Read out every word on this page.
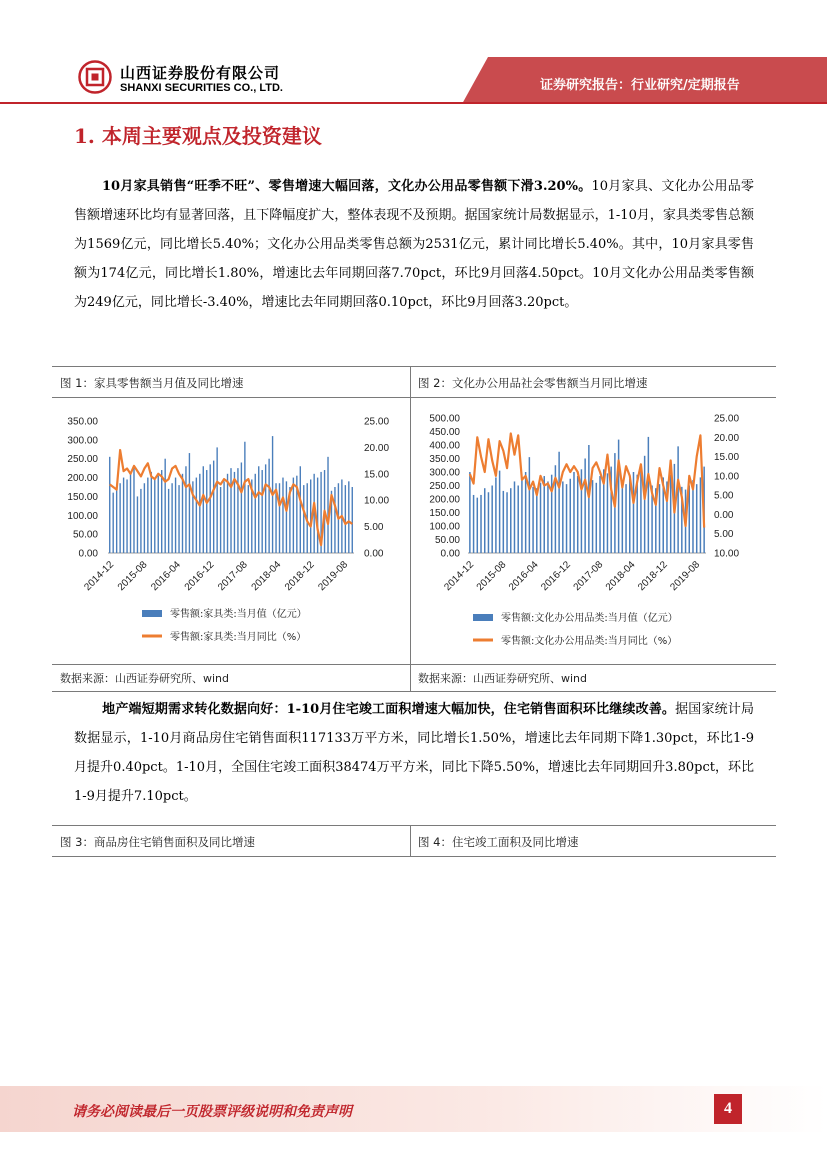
山西证券股份有限公司
SHANXI SECURITIES CO., LTD.	证券研究报告：行业研究/定期报告
1. 本周主要观点及投资建议
10月家具销售“旺季不旺”、零售增速大幅回落，文化办公用品零售额下滑3.20%。10月家具、文化办公用品零售额增速环比均有显著回落，且下降幅度扩大，整体表现不及预期。据国家统计局数据显示，1-10月，家具类零售总额为1569亿元，同比增长5.40%；文化办公用品类零售总额为2531亿元，累计同比增长5.40%。其中，10月家具零售额为174亿元，同比增长1.80%，增速比去年同期回落7.70pct，环比9月回落4.50pct。10月文化办公用品类零售额为249亿元，同比增长-3.40%，增速比去年同期回落0.10pct，环比9月回落3.20pct。
图 1：家具零售额当月值及同比增速	图 2：文化办公用品社会零售额当月同比增速
350.00
300.00
250.00
200.00
150.00
100.00
50.00
0.00
25.00
20.00
15.00
10.00
5.00
0.00
2014-12 2015-08 2016-04 2016-12 2017-08 2018-04 2018-12 2019-08
零售额:家具类:当月值（亿元）
零售额:家具类:当月同比（%）
500.00
450.00
400.00
350.00
300.00
250.00
200.00
150.00
100.00
50.00
0.00
25.00
20.00
15.00
10.00
5.00
0.00
5.00
10.00
2014-12
2015-08
2016-04
2016-12
2017-08
2018-04
2018-12
2019-08
零售额:文化办公用品类:当月值（亿元）
零售额:文化办公用品类:当月同比（%）
数据来源：山西证券研究所、wind	数据来源：山西证券研究所、wind
地产端短期需求转化数据向好：1-10月住宅竣工面积增速大幅加快，住宅销售面积环比继续改善。据国家统计局数据显示，1-10月商品房住宅销售面积117133万平方米，同比增长1.50%，增速比去年同期下降1.30pct，环比1-9月提升0.40pct。1-10月，全国住宅竣工面积38474万平方米，同比下降5.50%，增速比去年同期回升3.80pct，环比1-9月提升7.10pct。
图 3：商品房住宅销售面积及同比增速	图 4：住宅竣工面积及同比增速
请务必阅读最后一页股票评级说明和免责声明	4
